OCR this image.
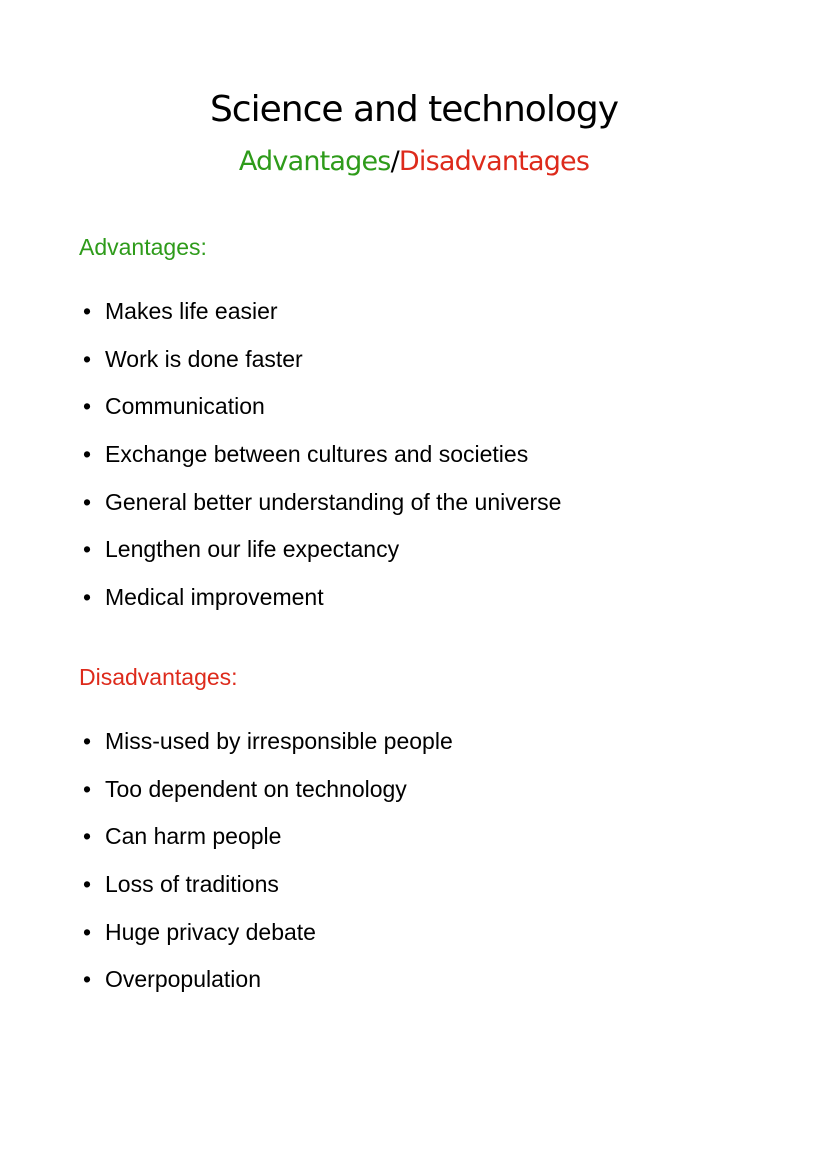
Science and technology
Advantages/Disadvantages
Advantages:
• Makes life easier
• Work is done faster
• Communication
• Exchange between cultures and societies
• General better understanding of the universe
• Lengthen our life expectancy
• Medical improvement
Disadvantages:
• Miss-used by irresponsible people
• Too dependent on technology
• Can harm people
• Loss of traditions
• Huge privacy debate
• Overpopulation
